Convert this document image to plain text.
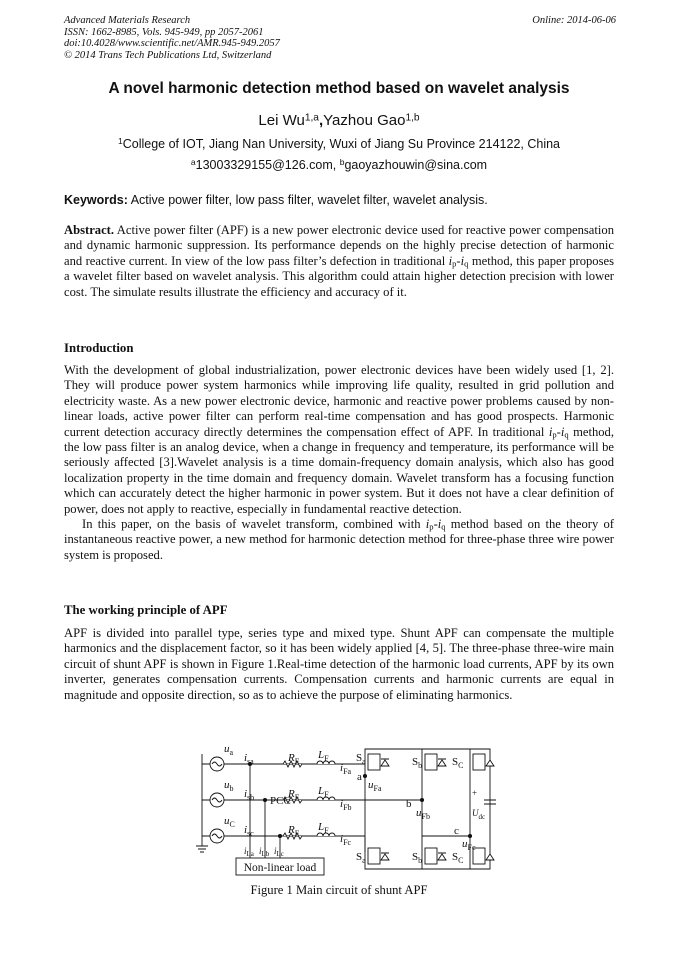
Advanced Materials Research
ISSN: 1662-8985, Vols. 945-949, pp 2057-2061
doi:10.4028/www.scientific.net/AMR.945-949.2057
© 2014 Trans Tech Publications Ltd, Switzerland
Online: 2014-06-06
A novel harmonic detection method based on wavelet analysis
Lei Wu$^{1,a}$,Yazhou Gao$^{1,b}$
$^1$College of IOT, Jiang Nan University, Wuxi of Jiang Su Province 214122, China
$^a$13003329155@126.com, $^b$gaoyazhouwin@sina.com
Keywords: Active power filter, low pass filter, wavelet filter, wavelet analysis.

Abstract. Active power filter (APF) is a new power electronic device used for reactive power compensation and dynamic harmonic suppression. Its performance depends on the highly precise detection of harmonic and reactive current. In view of the low pass filter’s defection in traditional $i_p-i_q$ method, this paper proposes a wavelet filter based on wavelet analysis. This algorithm could attain higher detection precision with lower cost. The simulate results illustrate the efficiency and accuracy of it.

Introduction

With the development of global industrialization, power electronic devices have been widely used [1, 2]. They will produce power system harmonics while improving life quality, resulted in grid pollution and electricity waste. As a new power electronic device, harmonic and reactive power problems caused by non-linear loads, active power filter can perform real-time compensation and has good prospects. Harmonic current detection accuracy directly determines the compensation effect of APF. In traditional $i_p-i_q$ method, the low pass filter is an analog device, when a change in frequency and temperature, its performance will be seriously affected [3].Wavelet analysis is a time domain-frequency domain analysis, which also has good localization property in the time domain and frequency domain. Wavelet transform has a focusing function which can accurately detect the higher harmonic in power system. But it does not have a clear definition of power, does not apply to reactive, especially in fundamental reactive detection.

In this paper, on the basis of wavelet transform, combined with $i_p-i_q$ method based on the theory of instantaneous reactive power, a new method for harmonic detection method for three-phase three wire power system is proposed.

The working principle of APF

APF is divided into parallel type, series type and mixed type. Shunt APF can compensate the multiple harmonics and the displacement factor, so it has been widely applied [4, 5]. The three-phase three-wire main circuit of shunt APF is shown in Figure 1.Real-time detection of the harmonic load currents, APF by its own inverter, generates compensation currents. Compensation currents and harmonic currents are equal in magnitude and opposite direction, so as to achieve the purpose of eliminating harmonics.

$u_a$
$u_b$
$u_C$
$i_{sa}$
$i_{sb}$
$i_{sc}$
PCC
$R_F$
$R_F$
$R_F$
$L_F$
$L_F$
$L_F$
$i_{Fa}$
$i_{Fb}$
$i_{Fc}$
a
b
c
$u_{Fa}$
$u_{Fb}$
$u_{Fc}$
$S_a$	$S_b$	$S_C$
$S_a$	$S_b$	$S_C$
+
$U_{dc}$
$i_{La}$ $i_{Lb}$ $i_{Lc}$
Non-linear load
Figure 1 Main circuit of shunt APF
